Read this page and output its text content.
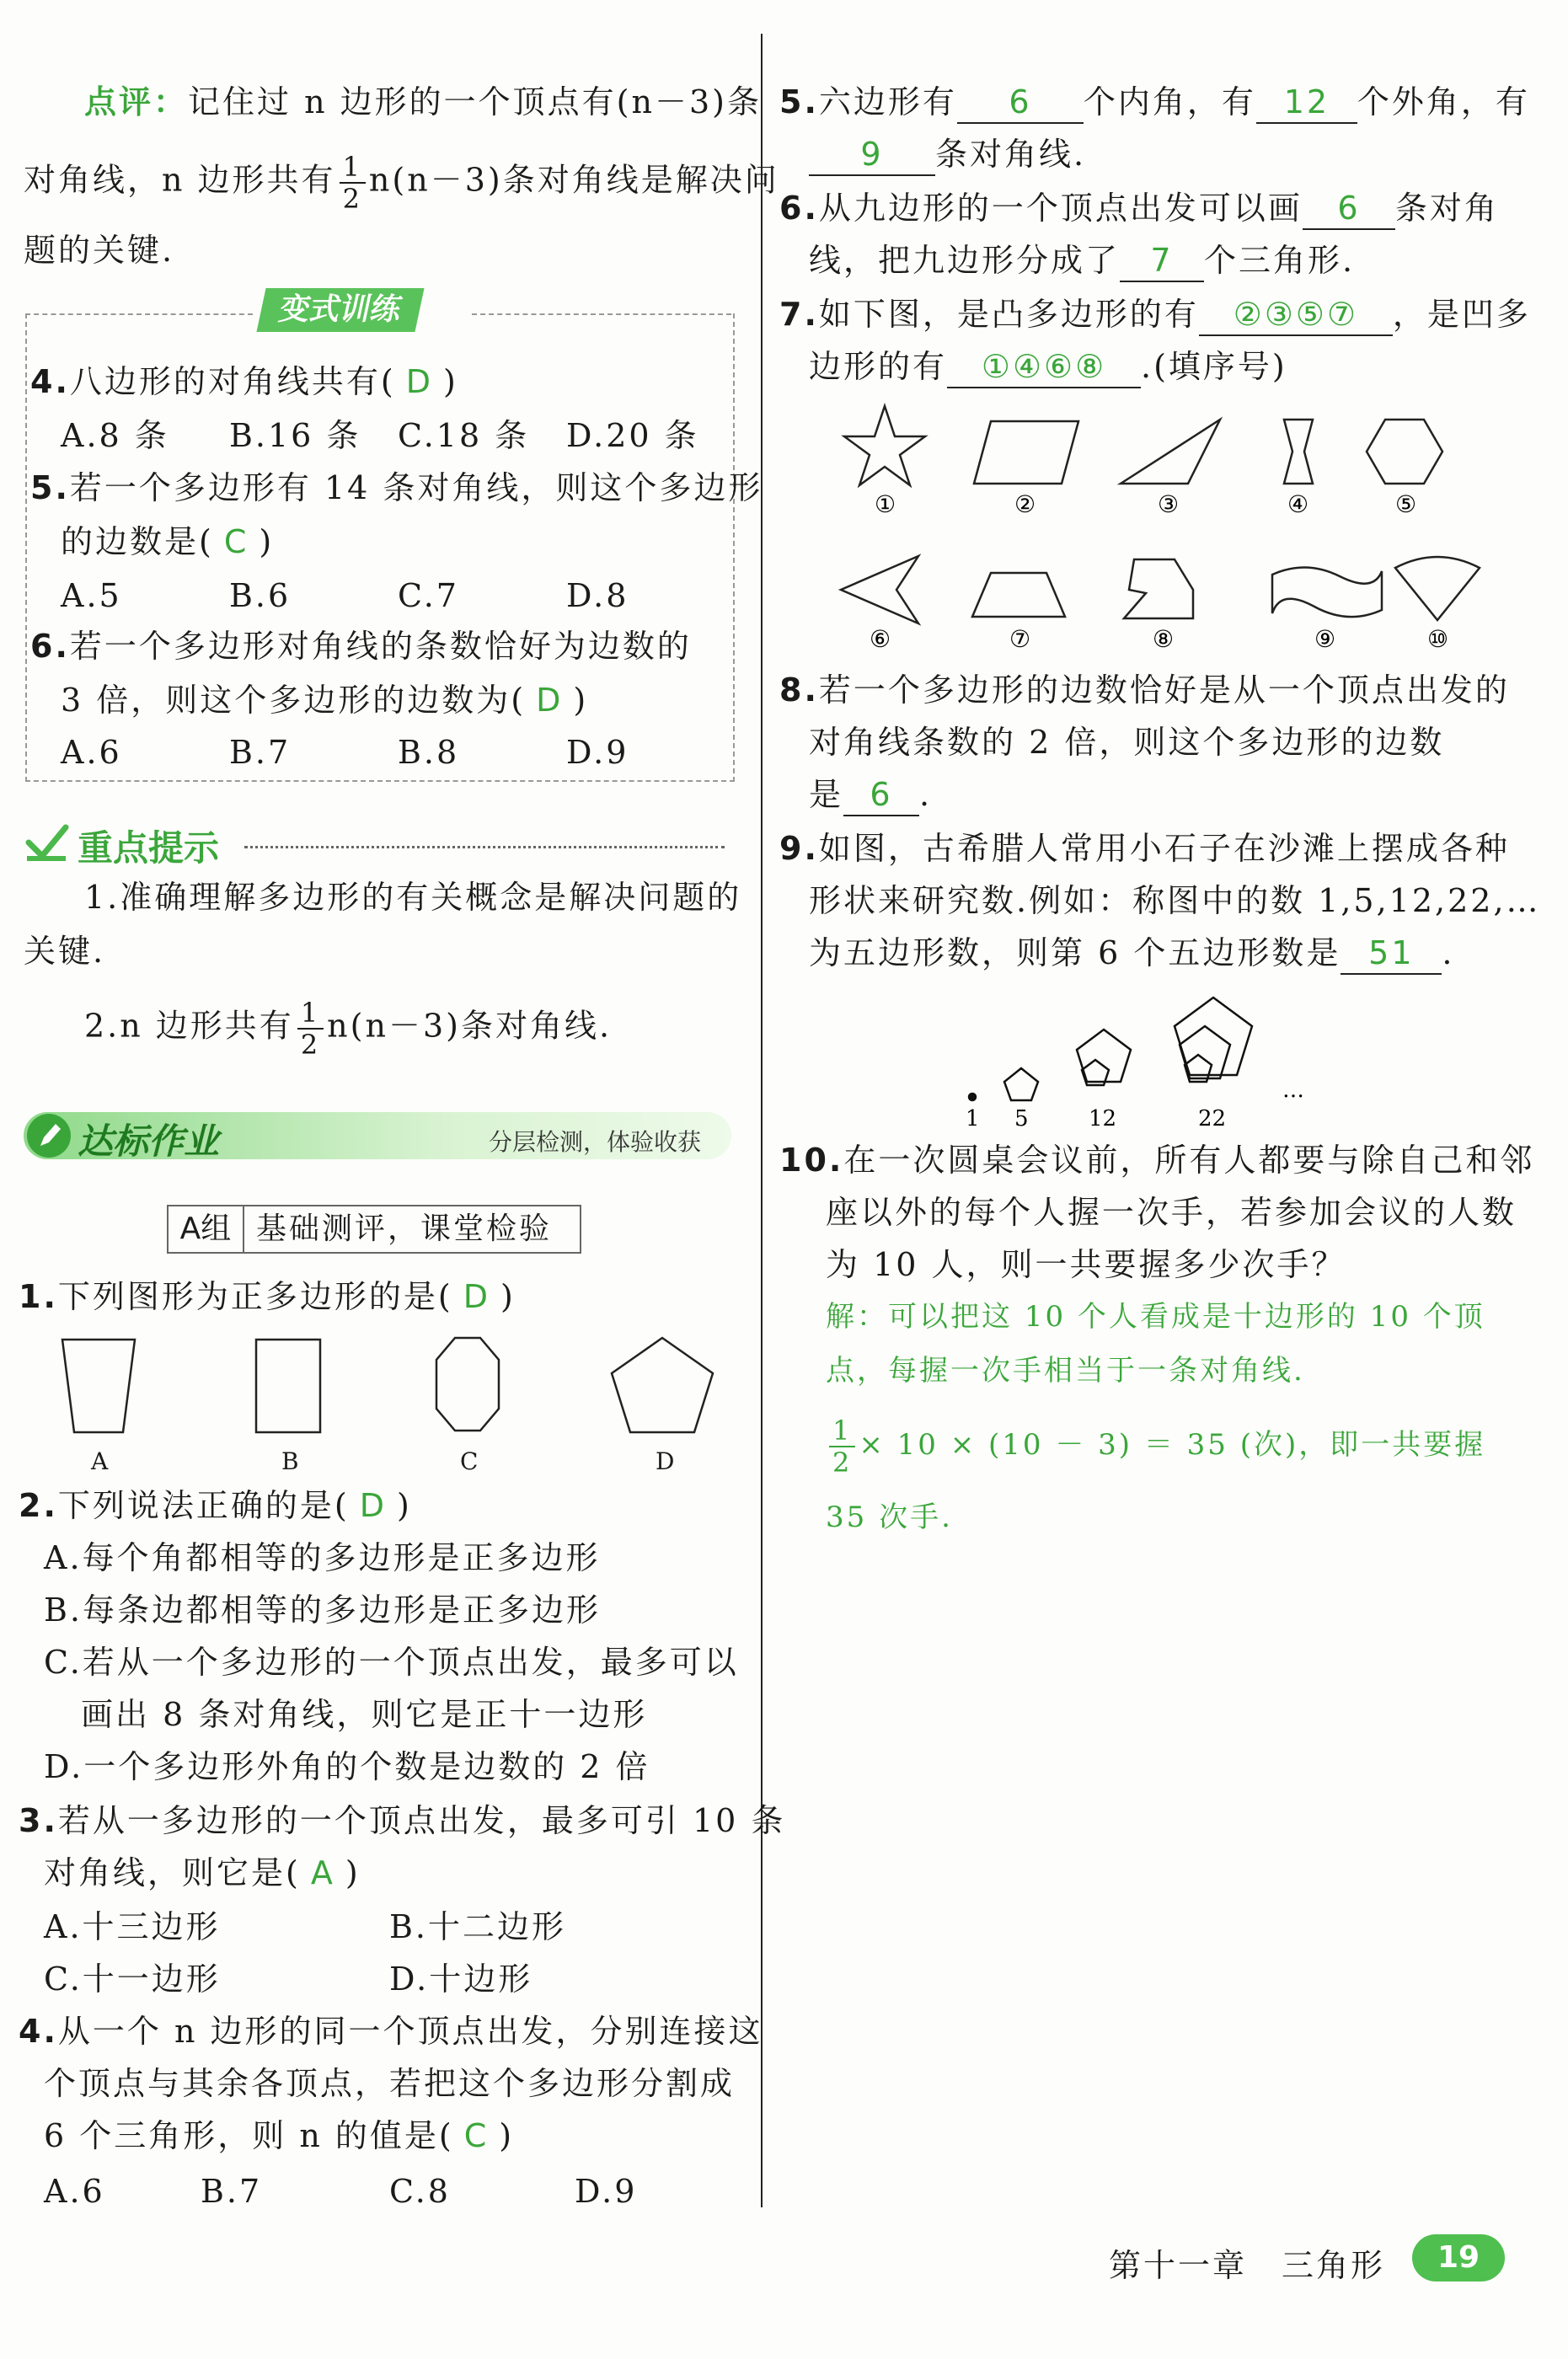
点评：记住过 n 边形的一个顶点有(n－3)条
对角线，n 边形共有 $\frac{1}{2} n(n-3)$条对角线是解决问
题的关键.
变式训练
4.八边形的对角线共有( D )
A.8 条 B.16 条 C.18 条 D.20 条
5.若一个多边形有 14 条对角线，则这个多边形
的边数是( C )
A.5	B.6	C.7	D.8
6.若一个多边形对角线的条数恰好为边数的
3 倍，则这个多边形的边数为( D )
A.6	B.7	B.8	D.9
重点提示
1.准确理解多边形的有关概念是解决问题的
关键.
2.n 边形共有 $\frac{1}{2} n(n-3)$条对角线.
达标作业	分层检测，体验收获
A组 基础测评，课堂检验
1.下列图形为正多边形的是( D )
A	B	C	D
2.下列说法正确的是( D )
A.每个角都相等的多边形是正多边形
B.每条边都相等的多边形是正多边形
C.若从一个多边形的一个顶点出发，最多可以
画出 8 条对角线，则它是正十一边形
D.一个多边形外角的个数是边数的 2 倍
3.若从一多边形的一个顶点出发，最多可引 10 条
对角线，则它是( A )
A.十三边形	B.十二边形
C.十一边形	D.十边形
4.从一个 n 边形的同一个顶点出发，分别连接这
个顶点与其余各顶点，若把这个多边形分割成
6 个三角形，则 n 的值是( C )
A.6	B.7	C.8	D.9
5.六边形有 6 个内角，有 12 个外角，有
9 条对角线.
6.从九边形的一个顶点出发可以画 6 条对角
线，把九边形分成了 7 个三角形.
7.如下图，是凸多边形的有 ②③⑤⑦ ，是凹多
边形的有 ①④⑥⑧ .(填序号)
①	②	③	④	⑤
⑥	⑦	⑧	⑨	⑩
8.若一个多边形的边数恰好是从一个顶点出发的
对角线条数的 2 倍，则这个多边形的边数
是 6 .
9.如图，古希腊人常用小石子在沙滩上摆成各种
形状来研究数.例如：称图中的数 1,5,12,22,…
为五边形数，则第 6 个五边形数是 51 .
1 5	12	22
…
10.在一次圆桌会议前，所有人都要与除自己和邻
座以外的每个人握一次手，若参加会议的人数
为 10 人，则一共要握多少次手？
解：可以把这 10 个人看成是十边形的 10 个顶
点，每握一次手相当于一条对角线.
$\frac{1}{2} \times 10 \times (10 - 3) = 35$ (次)，即一共要握
35 次手.
第十一章　三角形	19
